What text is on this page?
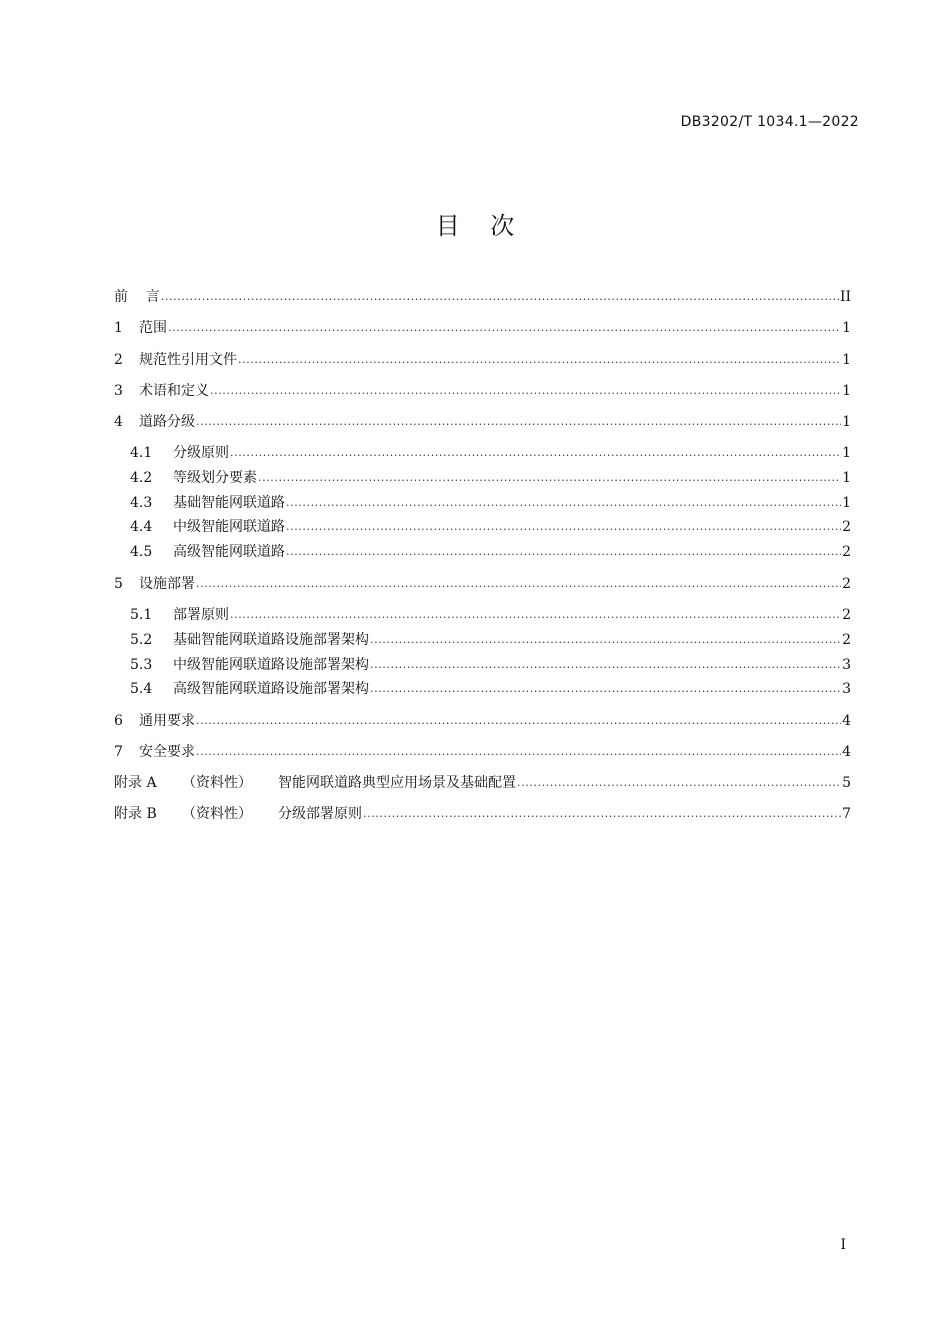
DB3202/T 1034.1—2022
目    次
前    言 .....	II
1	范围 .....	1
2	规范性引用文件 .....	1
3	术语和定义 .....	1
4	道路分级 .....	1
4.1	分级原则 .....	1
4.2	等级划分要素 .....	1
4.3	基础智能网联道路 .....	1
4.4	中级智能网联道路 .....	2
4.5	高级智能网联道路 .....	2
5	设施部署 .....	2
5.1	部署原则 .....	2
5.2	基础智能网联道路设施部署架构 .....	2
5.3	中级智能网联道路设施部署架构 .....	3
5.4	高级智能网联道路设施部署架构 .....	3
6	通用要求 .....	4
7	安全要求 .....	4
附录 A	（资料性）	智能网联道路典型应用场景及基础配置 .....	5
附录 B	（资料性）	分级部署原则 .....	7
I
